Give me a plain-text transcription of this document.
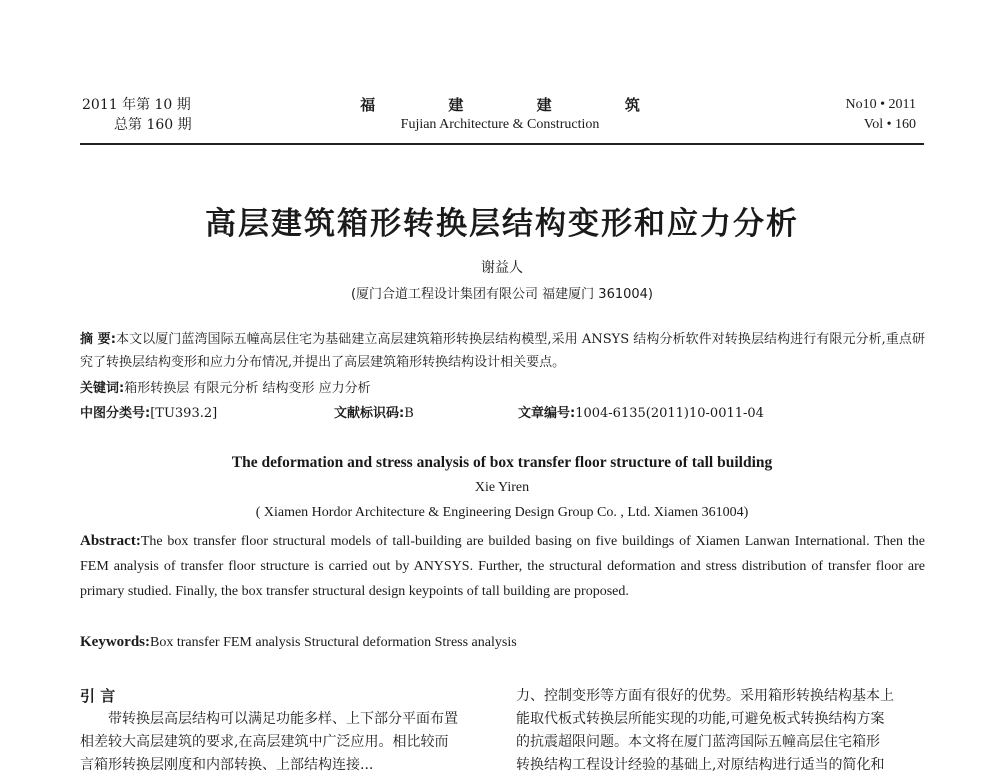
2011 年第 10 期
总第 160 期
福 建 建 筑
Fujian Architecture & Construction
No10 • 2011
Vol • 160
高层建筑箱形转换层结构变形和应力分析
谢益人
(厦门合道工程设计集团有限公司 福建厦门 361004)
摘 要:本文以厦门蓝湾国际五幢高层住宅为基础建立高层建筑箱形转换层结构模型,采用 ANSYS 结构分析软件对转换层结构进行有限元分析,重点研究了转换层结构变形和应力分布情况,并提出了高层建筑箱形转换结构设计相关要点。
关键词:箱形转换层 有限元分析 结构变形 应力分析
中图分类号:[TU393.2]	文献标识码:B	文章编号:1004-6135(2011)10-0011-04
The deformation and stress analysis of box transfer floor structure of tall building
Xie Yiren
( Xiamen Hordor Architecture & Engineering Design Group Co. , Ltd. Xiamen 361004)
Abstract:The box transfer floor structural models of tall-building are builded basing on five buildings of Xiamen Lanwan International. Then the FEM analysis of transfer floor structure is carried out by ANYSYS. Further, the structural deformation and stress distribution of transfer floor are primary studied. Finally, the box transfer structural design keypoints of tall building are proposed.
Keywords:Box transfer FEM analysis Structural deformation Stress analysis
引 言
带转换层高层结构可以满足功能多样、上下部分平面布置
相差较大高层建筑的要求,在高层建筑中广泛应用。相比较而
言箱形转换层刚度和内部转换、上部结构连接...
力、控制变形等方面有很好的优势。采用箱形转换结构基本上
能取代板式转换层所能实现的功能,可避免板式转换结构方案
的抗震超限问题。本文将在厦门蓝湾国际五幢高层住宅箱形
转换结构工程设计经验的基础上,对原结构进行适当的简化和
